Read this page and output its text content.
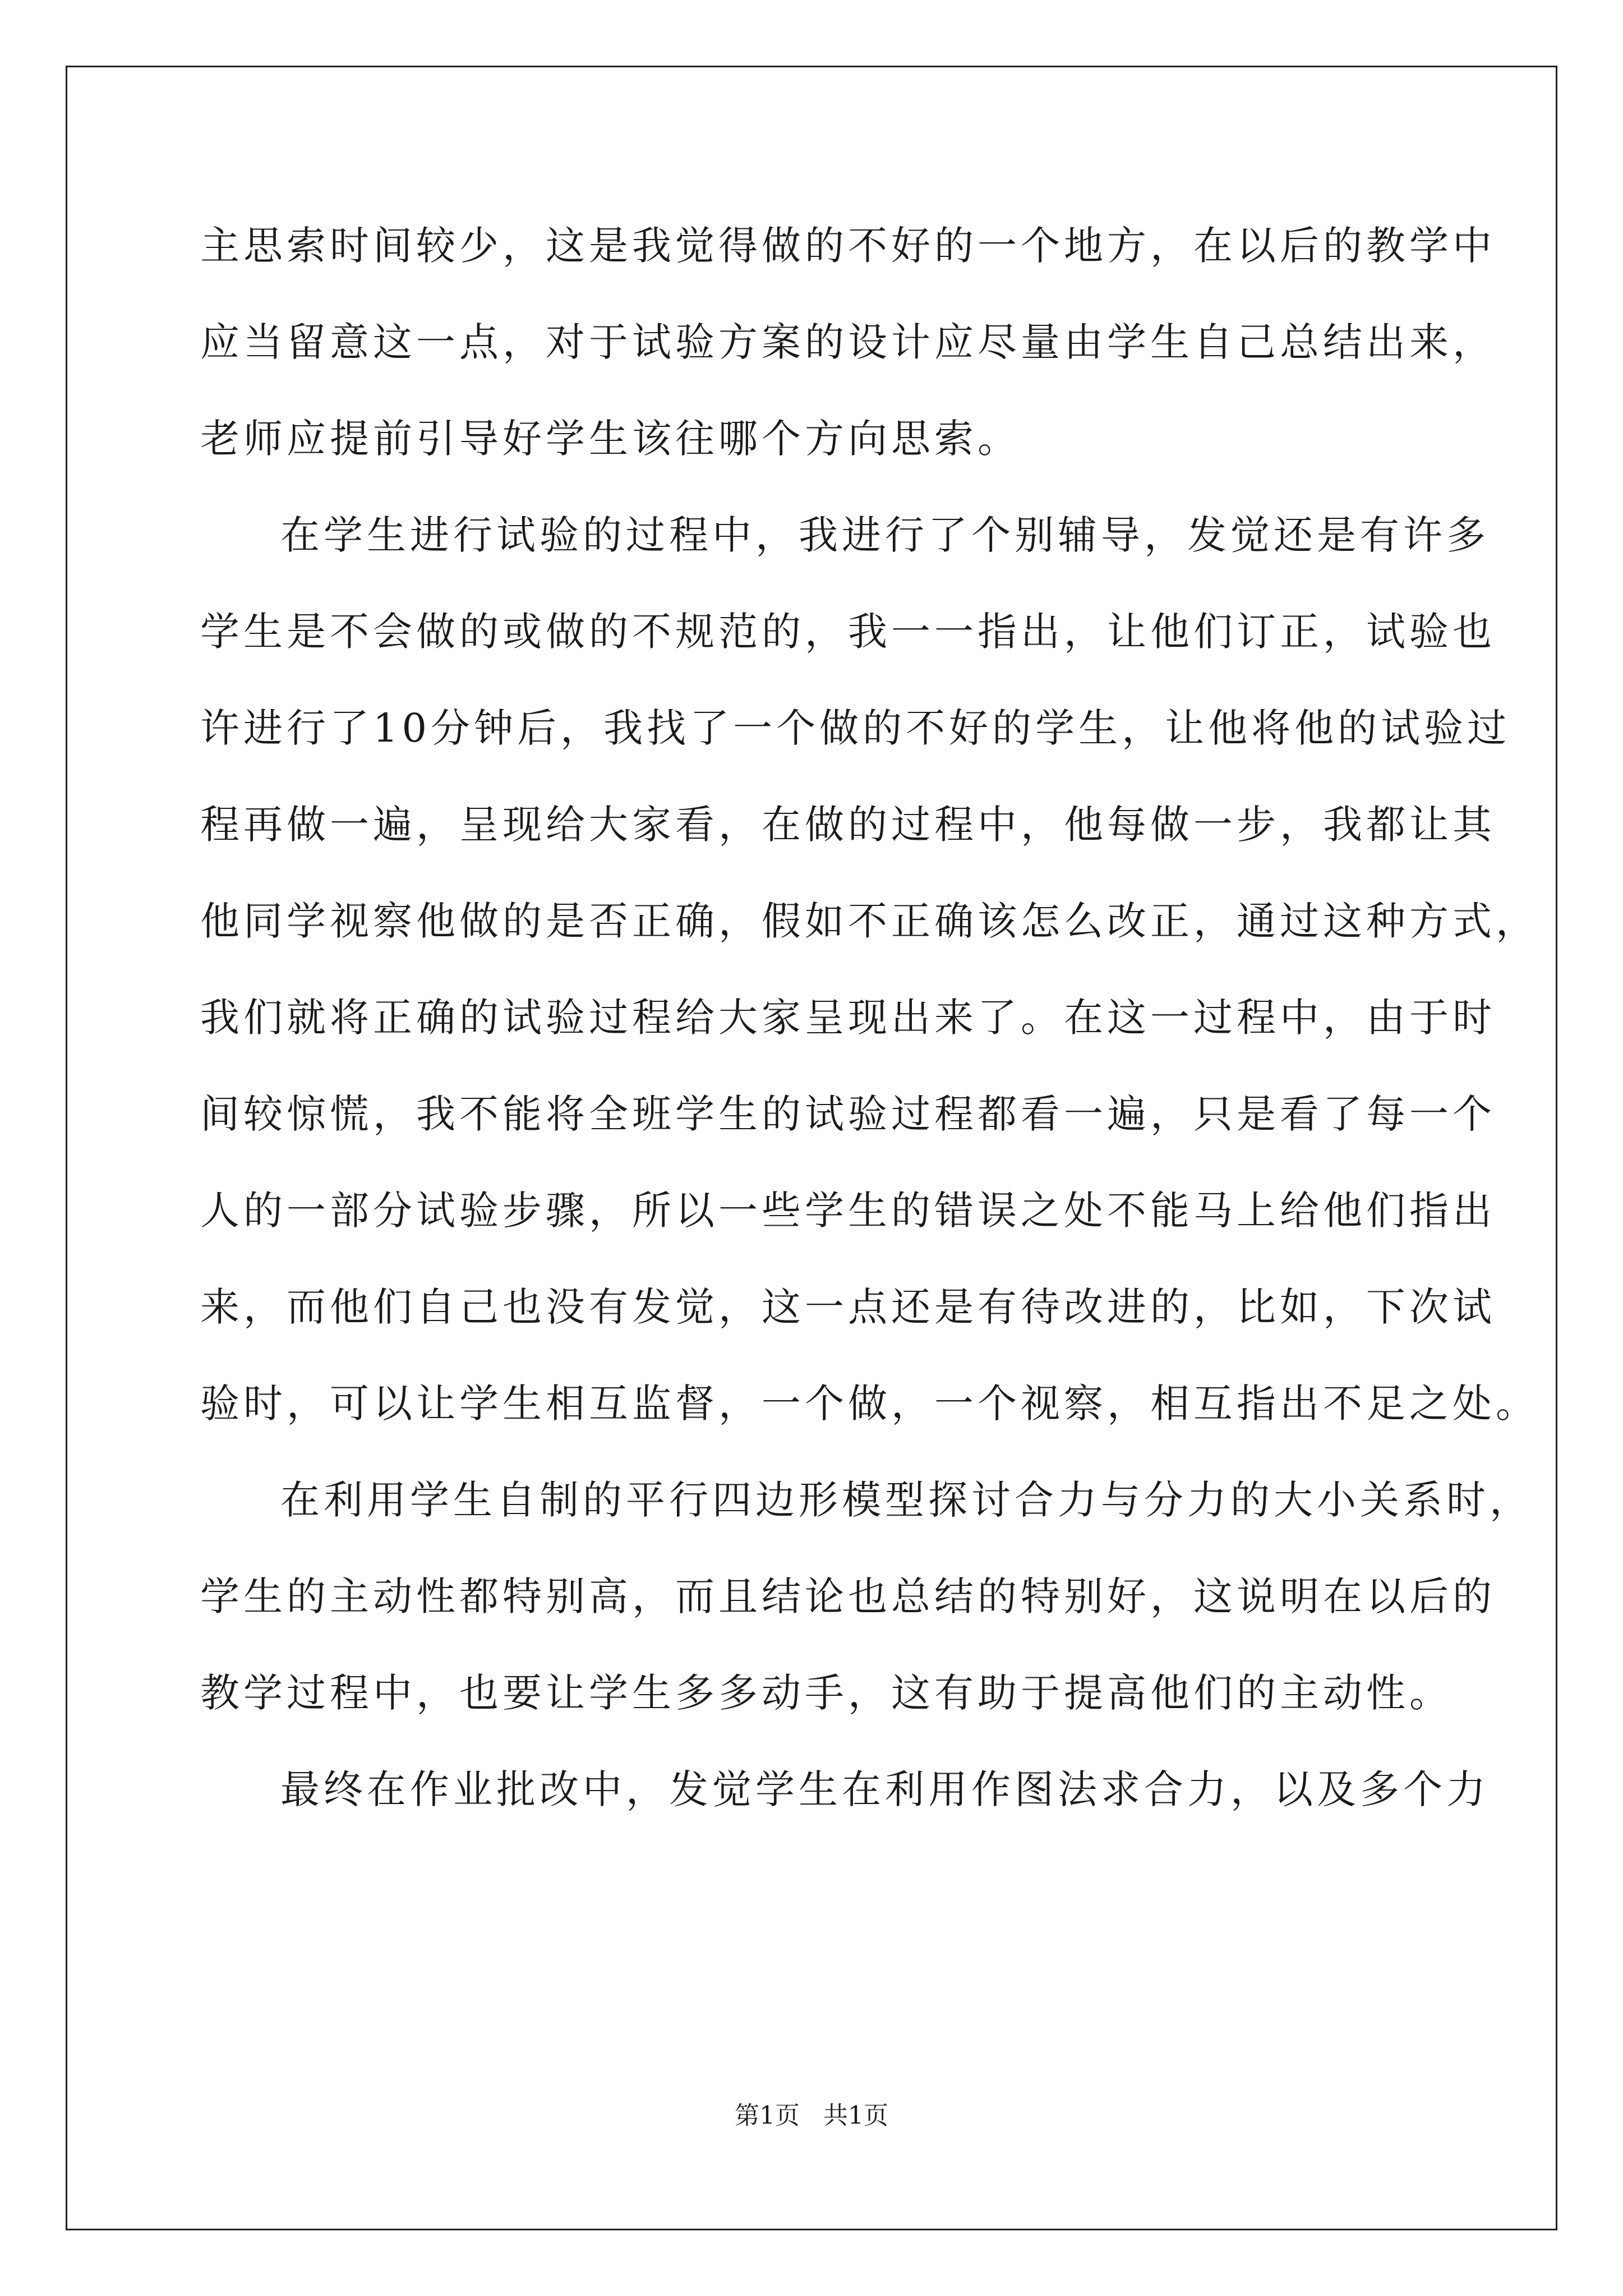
主思索时间较少，这是我觉得做的不好的一个地方，在以后的教学中
应当留意这一点，对于试验方案的设计应尽量由学生自己总结出来，
老师应提前引导好学生该往哪个方向思索。
在学生进行试验的过程中，我进行了个别辅导，发觉还是有许多
学生是不会做的或做的不规范的，我一一指出，让他们订正，试验也
许进行了10分钟后，我找了一个做的不好的学生，让他将他的试验过
程再做一遍，呈现给大家看，在做的过程中，他每做一步，我都让其
他同学视察他做的是否正确，假如不正确该怎么改正，通过这种方式，
我们就将正确的试验过程给大家呈现出来了。在这一过程中，由于时
间较惊慌，我不能将全班学生的试验过程都看一遍，只是看了每一个
人的一部分试验步骤，所以一些学生的错误之处不能马上给他们指出
来，而他们自己也没有发觉，这一点还是有待改进的，比如，下次试
验时，可以让学生相互监督，一个做，一个视察，相互指出不足之处。
在利用学生自制的平行四边形模型探讨合力与分力的大小关系时，
学生的主动性都特别高，而且结论也总结的特别好，这说明在以后的
教学过程中，也要让学生多多动手，这有助于提高他们的主动性。
最终在作业批改中，发觉学生在利用作图法求合力，以及多个力
第1页   共1页
